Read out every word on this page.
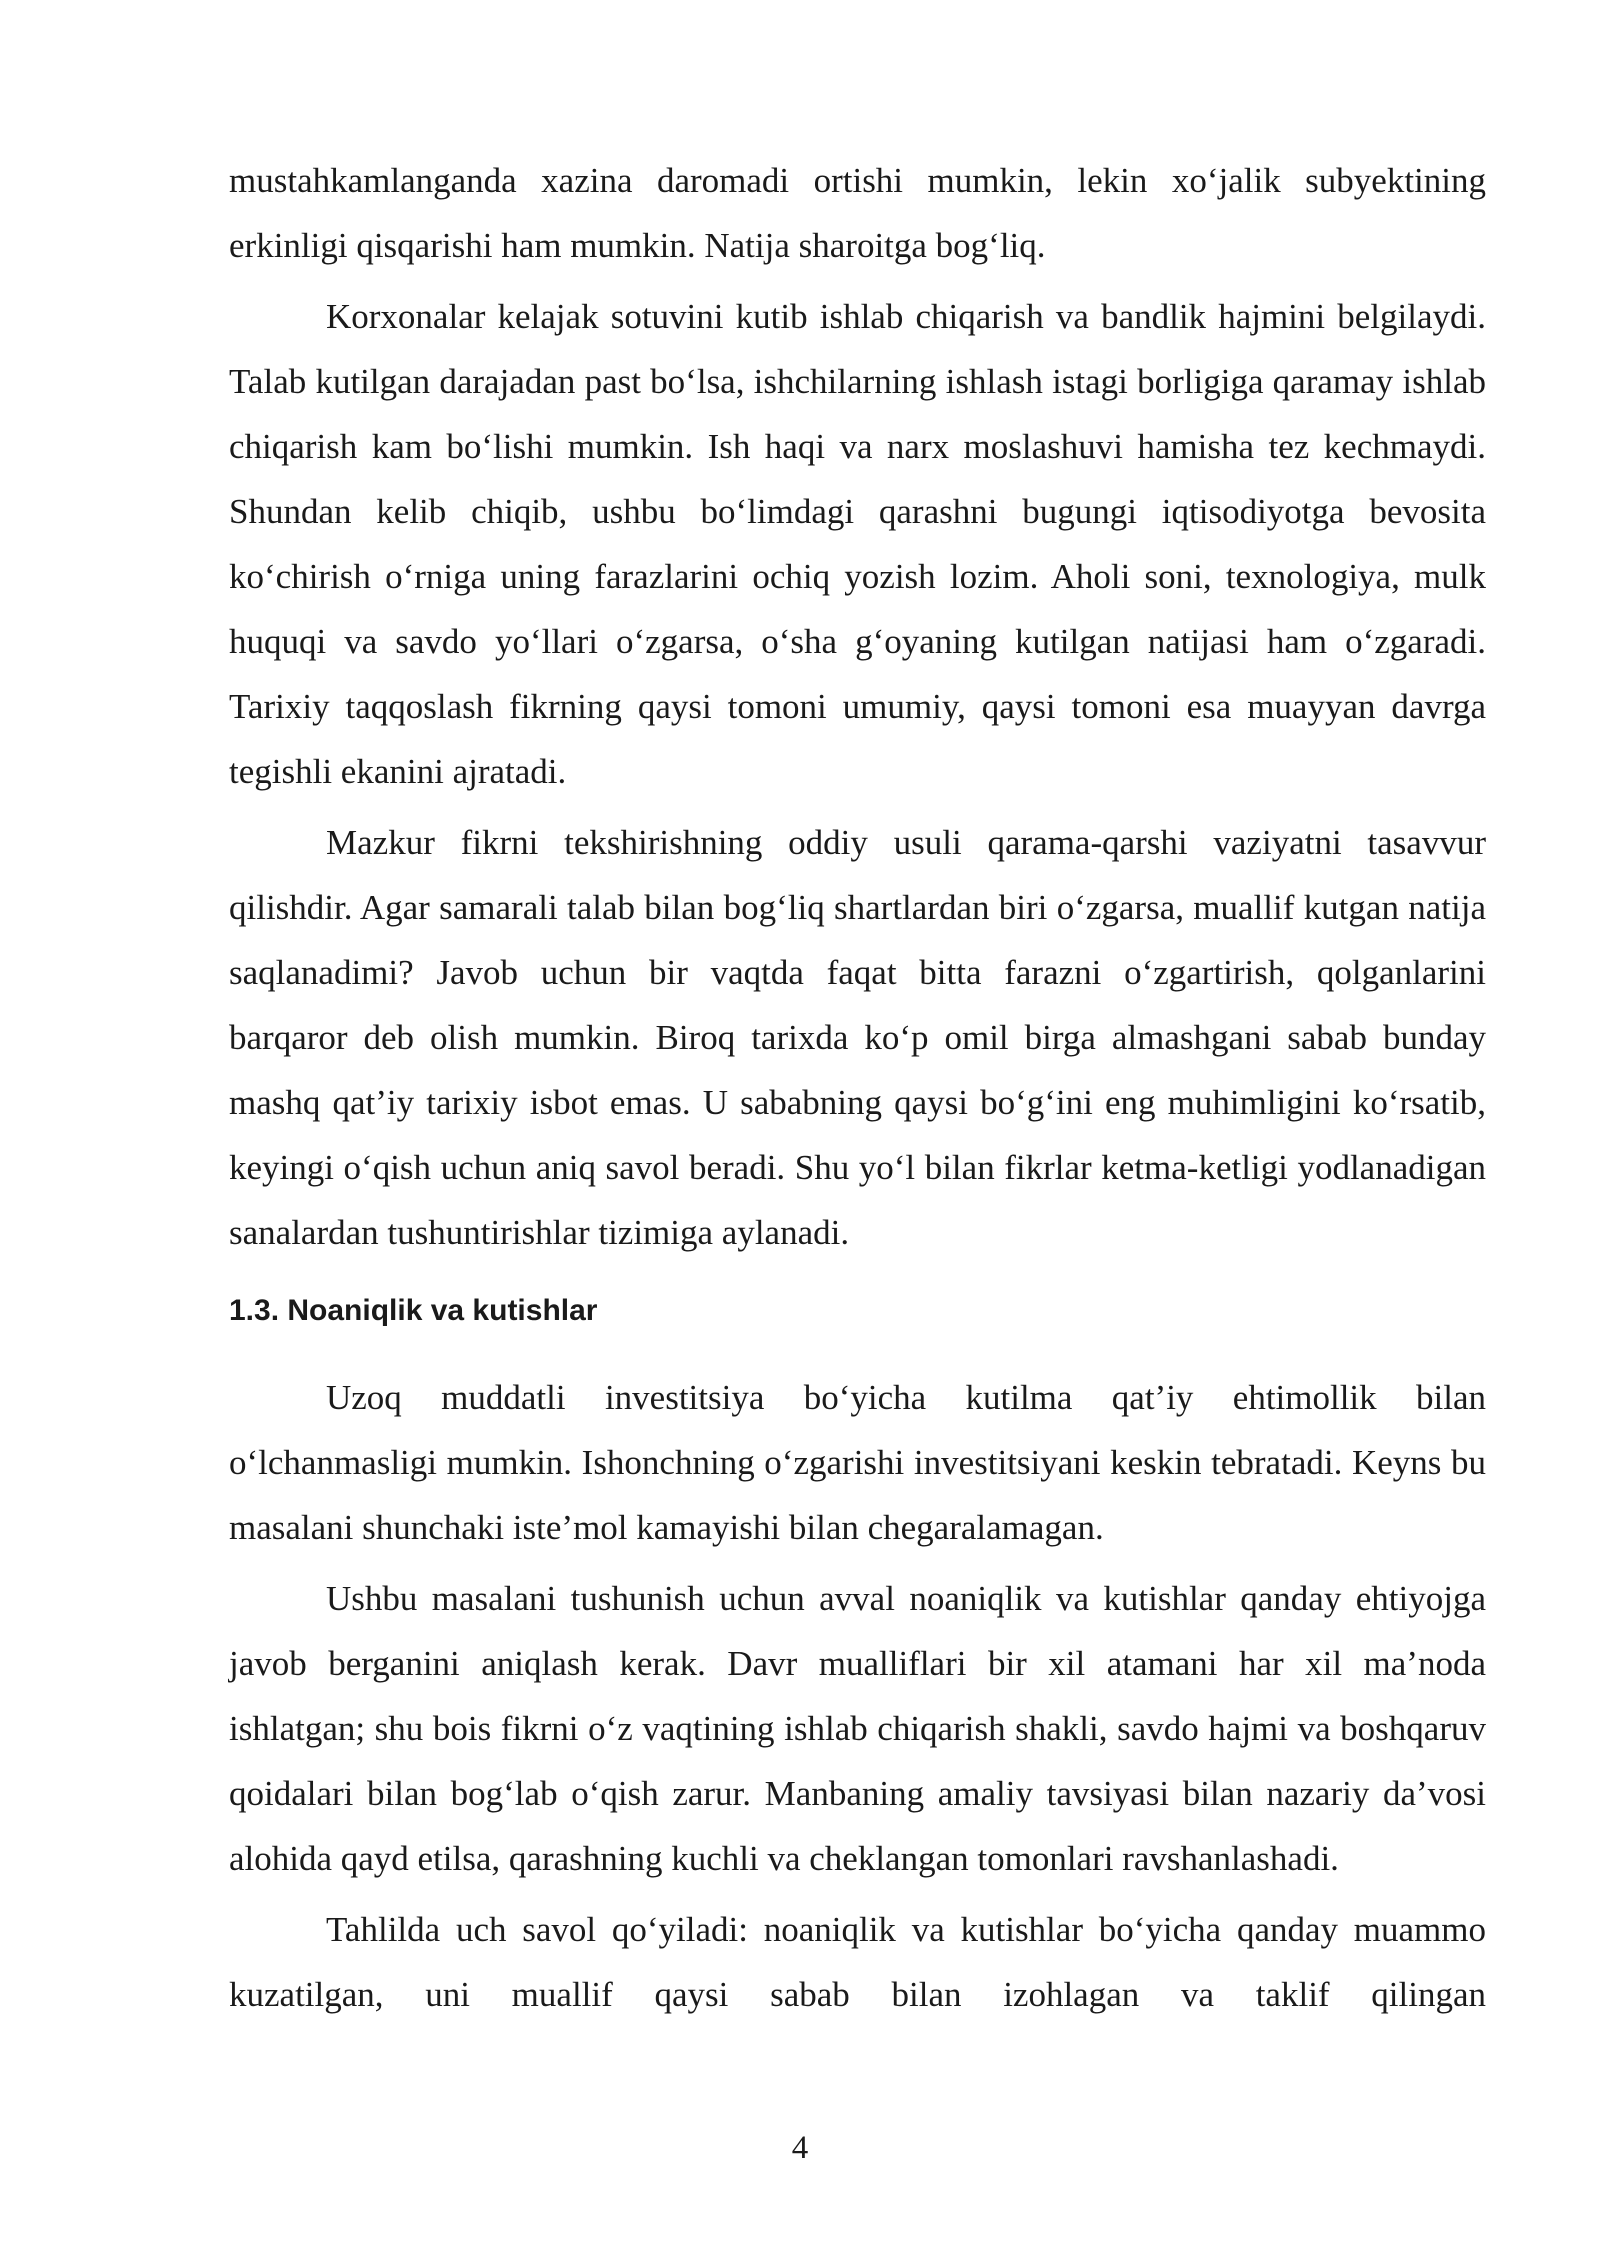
mustahkamlanganda xazina daromadi ortishi mumkin, lekin xo‘jalik subyektining erkinligi qisqarishi ham mumkin. Natija sharoitga bog‘liq.

Korxonalar kelajak sotuvini kutib ishlab chiqarish va bandlik hajmini belgilaydi. Talab kutilgan darajadan past bo‘lsa, ishchilarning ishlash istagi borligiga qaramay ishlab chiqarish kam bo‘lishi mumkin. Ish haqi va narx moslashuvi hamisha tez kechmaydi. Shundan kelib chiqib, ushbu bo‘limdagi qarashni bugungi iqtisodiyotga bevosita ko‘chirish o‘rniga uning farazlarini ochiq yozish lozim. Aholi soni, texnologiya, mulk huquqi va savdo yo‘llari o‘zgarsa, o‘sha g‘oyaning kutilgan natijasi ham o‘zgaradi. Tarixiy taqqoslash fikrning qaysi tomoni umumiy, qaysi tomoni esa muayyan davrga tegishli ekanini ajratadi.

Mazkur fikrni tekshirishning oddiy usuli qarama-qarshi vaziyatni tasavvur qilishdir. Agar samarali talab bilan bog‘liq shartlardan biri o‘zgarsa, muallif kutgan natija saqlanadimi? Javob uchun bir vaqtda faqat bitta farazni o‘zgartirish, qolganlarini barqaror deb olish mumkin. Biroq tarixda ko‘p omil birga almashgani sabab bunday mashq qat’iy tarixiy isbot emas. U sababning qaysi bo‘g‘ini eng muhimligini ko‘rsatib, keyingi o‘qish uchun aniq savol beradi. Shu yo‘l bilan fikrlar ketma-ketligi yodlanadigan sanalardan tushuntirishlar tizimiga aylanadi.

1.3. Noaniqlik va kutishlar

Uzoq muddatli investitsiya bo‘yicha kutilma qat’iy ehtimollik bilan o‘lchanmasligi mumkin. Ishonchning o‘zgarishi investitsiyani keskin tebratadi. Keyns bu masalani shunchaki iste’mol kamayishi bilan chegaralamagan.

Ushbu masalani tushunish uchun avval noaniqlik va kutishlar qanday ehtiyojga javob berganini aniqlash kerak. Davr mualliflari bir xil atamani har xil ma’noda ishlatgan; shu bois fikrni o‘z vaqtining ishlab chiqarish shakli, savdo hajmi va boshqaruv qoidalari bilan bog‘lab o‘qish zarur. Manbaning amaliy tavsiyasi bilan nazariy da’vosi alohida qayd etilsa, qarashning kuchli va cheklangan tomonlari ravshanlashadi.

Tahlilda uch savol qo‘yiladi: noaniqlik va kutishlar bo‘yicha qanday muammo kuzatilgan, uni muallif qaysi sabab bilan izohlagan va taklif qilingan

4
